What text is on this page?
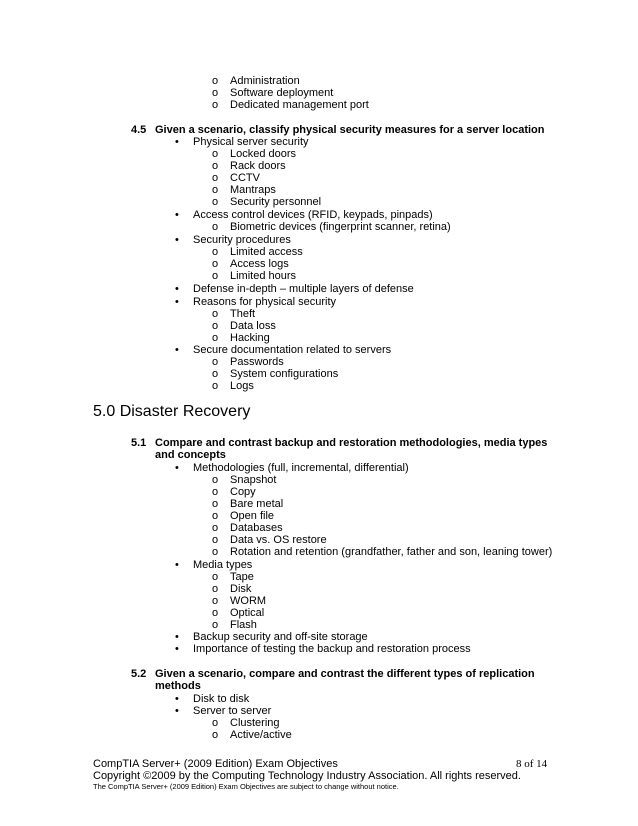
o Administration
o Software deployment
o Dedicated management port
4.5 Given a scenario, classify physical security measures for a server location
• Physical server security
o Locked doors
o Rack doors
o CCTV
o Mantraps
o Security personnel
• Access control devices (RFID, keypads, pinpads)
o Biometric devices (fingerprint scanner, retina)
• Security procedures
o Limited access
o Access logs
o Limited hours
• Defense in-depth – multiple layers of defense
• Reasons for physical security
o Theft
o Data loss
o Hacking
• Secure documentation related to servers
o Passwords
o System configurations
o Logs
5.0 Disaster Recovery
5.1 Compare and contrast backup and restoration methodologies, media types
and concepts
• Methodologies (full, incremental, differential)
o Snapshot
o Copy
o Bare metal
o Open file
o Databases
o Data vs. OS restore
o Rotation and retention (grandfather, father and son, leaning tower)
• Media types
o Tape
o Disk
o WORM
o Optical
o Flash
• Backup security and off-site storage
• Importance of testing the backup and restoration process
5.2 Given a scenario, compare and contrast the different types of replication
methods
• Disk to disk
• Server to server
o Clustering
o Active/active
CompTIA Server+ (2009 Edition) Exam Objectives	8 of 14
Copyright ©2009 by the Computing Technology Industry Association. All rights reserved.
The CompTIA Server+ (2009 Edition) Exam Objectives are subject to change without notice.
